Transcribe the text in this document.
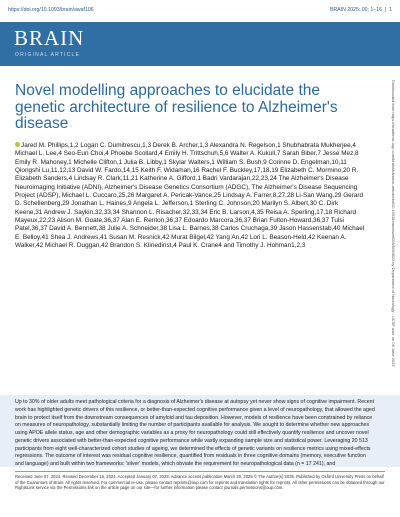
https://doi.org/10.1093/brain/awaf106	BRAIN 2025: 00; 1–16  |  1
BRAIN
ORIGINAL ARTICLE
Novel modelling approaches to elucidate the genetic architecture of resilience to Alzheimer's disease
Jared M. Phillips,1,2 Logan C. Dumitrescu,1,3 Derek B. Archer,1,3 Alexandra N. Regelson,1 Shubhabrata Mukherjee,4 Michael L. Lee,4 Seo-Eun Choi,4 Phoebe Scollard,4 Emily H. Trittschuh,5,6 Walter A. Kukull,7 Sarah Biber,7 Jesse Mez,8 Emily R. Mahoney,1 Michelle Clifton,1 Julia B. Libby,1 Skylar Walters,1 William S. Bush,9 Corinne D. Engelman,10,11 Qiongshi Lu,11,12,13 David W. Fardo,14,15 Keith F. Widaman,16 Rachel F. Buckley,17,18,19 Elizabeth C. Mormino,20 R. Elizabeth Sanders,4 Lindsay R. Clark,11,21 Katherine A. Gifford,1 Badri Vardarajan,22,23,24 The Alzheimer's Disease Neuroimaging Initiative (ADNI), Alzheimer's Disease Genetics Consortium (ADGC), The Alzheimer's Disease Sequencing Project (ADSP), Michael L. Cuccaro,25,26 Margaret A. Pericak-Vance,25 Lindsay A. Farrer,8,27,28 Li-San Wang,29 Gerard D. Schellenberg,29 Jonathan L. Haines,9 Angela L. Jefferson,1 Sterling C. Johnson,20 Marilyn S. Albert,30 C. Dirk Keene,31 Andrew J. Saykin,32,33,34 Shannon L. Risacher,32,33,34 Eric B. Larson,4,35 Reisa A. Sperling,17,18 Richard Mayeux,22,23 Alison M. Goate,36,37 Alan E. Renton,36,37 Edoardo Marcora,36,37 Brian Fulton-Howard,36,37 Tulsi Patel,36,37 David A. Bennett,38 Julie A. Schneider,38 Lisa L. Barnes,38 Carlos Cruchaga,39 Jason Hassenstab,40 Michael E. Belloy,41 Shea J. Andrews,41 Susan M. Resnick,42 Murat Bilgel,42 Yang An,42 Lori L. Beason-Held,42 Keenan A. Walker,42 Michael R. Duggan,42 Brandon S. Klinedinst,4 Paul K. Crane4 and Timothy J. Hohman1,2,3	Downloaded from https://academic.oup.com/brain/advance-article/doi/10.1093/brain/awaf106/8099822 by Department of Neurology - UCSF user on 06 June 2025

Up to 30% of older adults meet pathological criteria for a diagnosis of Alzheimer's disease at autopsy yet never show signs of cognitive impairment. Recent work has highlighted genetic drivers of this resilience, or better-than-expected cognitive performance given a level of neuropathology, that allowed the aged brain to protect itself from the downstream consequences of amyloid and tau deposition. However, models of resilience have been constrained by reliance on measures of neuropathology, substantially limiting the number of participants available for analysis. We sought to determine whether new approaches using APOE allele status, age and other demographic variables as a proxy for neuropathology could still effectively quantify resilience and uncover novel genetic drivers associated with better-than-expected cognitive performance while vastly expanding sample size and statistical power. Leveraging 20 513 participants from eight well-characterized cohort studies of ageing, we determined the effects of genetic variants on resilience metrics using mixed-effects regressions. The outcome of interest was residual cognitive resilience, quantified from residuals in three cognitive domains (memory, executive function and language) and built within two frameworks: 'silver' models, which obviate the requirement for neuropathological data (n = 17 241), and

Received June 07, 2024. Revised December 16, 2024. Accepted January 07, 2025. Advance access publication March 20, 2025 © The Author(s) 2025. Published by Oxford University Press on behalf of the Guarantors of Brain. All rights reserved. For commercial re-use, please contact reprints@oup.com for reprints and translation rights for reprints. All other permissions can be obtained through our RightsLink service via the Permissions link on the article page on our site—for further information please contact journals.permissions@oup.com.
